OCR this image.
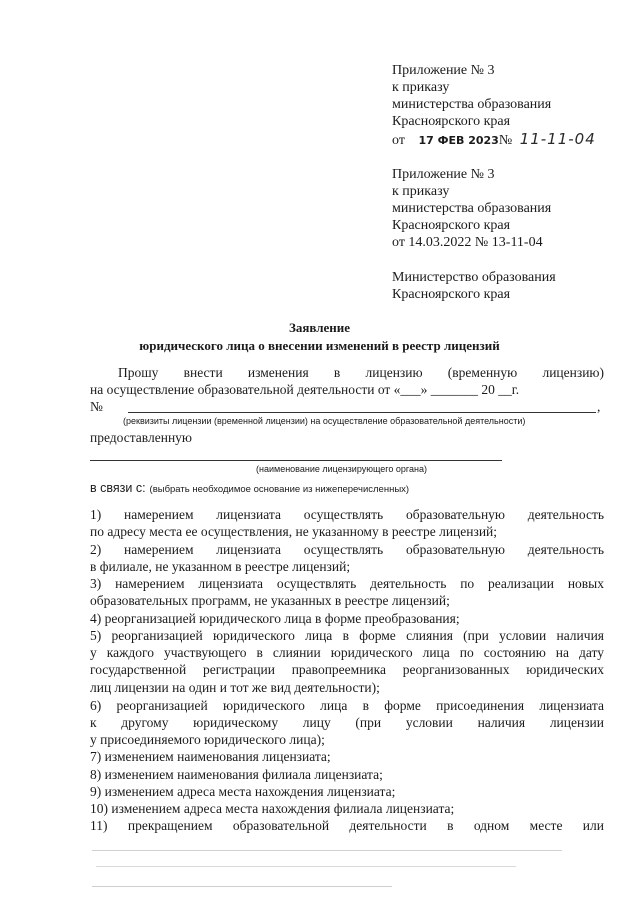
Приложение № 3
к приказу
министерства образования
Красноярского края
от 17 ФЕВ 2023№ 11-11-04
Приложение № 3
к приказу
министерства образования
Красноярского края
от 14.03.2022 № 13-11-04
Министерство образования
Красноярского края
Заявление
юридического лица о внесении изменений в реестр лицензий
Прошу внести изменения в лицензию (временную лицензию)
на осуществление образовательной деятельности от «___» _______ 20 __г.
№	,
(реквизиты лицензии (временной лицензии) на осуществление образовательной деятельности)
предоставленную
(наименование лицензирующего органа)
в связи с: (выбрать необходимое основание из нижеперечисленных)
1) намерением лицензиата осуществлять образовательную деятельность
по адресу места ее осуществления, не указанному в реестре лицензий;
2) намерением лицензиата осуществлять образовательную деятельность
в филиале, не указанном в реестре лицензий;
3) намерением лицензиата осуществлять деятельность по реализации новых
образовательных программ, не указанных в реестре лицензий;
4) реорганизацией юридического лица в форме преобразования;
5) реорганизацией юридического лица в форме слияния (при условии наличия
у каждого участвующего в слиянии юридического лица по состоянию на дату
государственной регистрации правопреемника реорганизованных юридических
лиц лицензии на один и тот же вид деятельности);
6) реорганизацией юридического лица в форме присоединения лицензиата
к другому юридическому лицу (при условии наличия лицензии
у присоединяемого юридического лица);
7) изменением наименования лицензиата;
8) изменением наименования филиала лицензиата;
9) изменением адреса места нахождения лицензиата;
10) изменением адреса места нахождения филиала лицензиата;
11) прекращением образовательной деятельности в одном месте или
